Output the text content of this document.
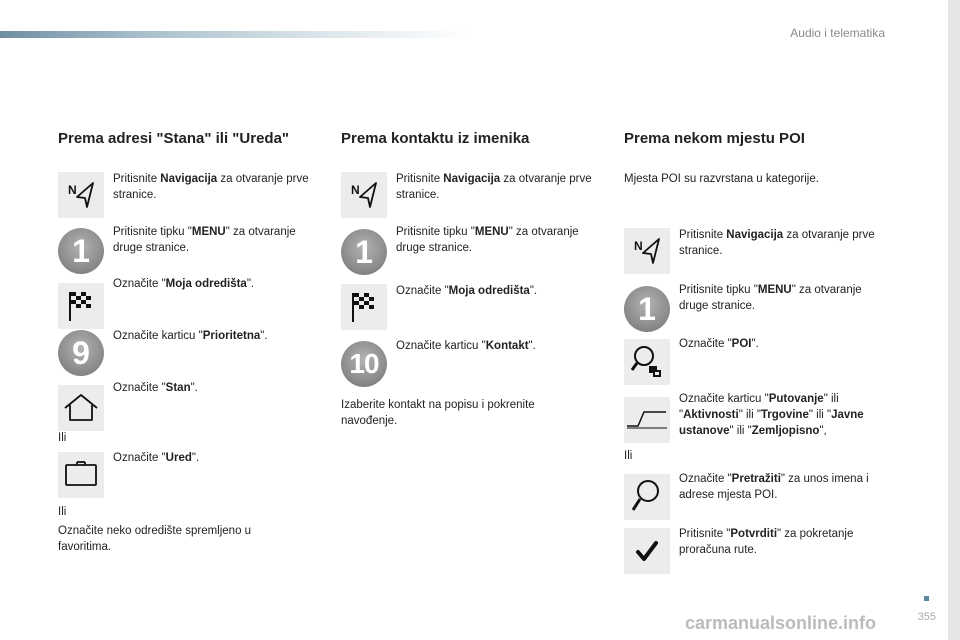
Audio i telematika
Prema adresi "Stana" ili "Ureda"
N
Pritisnite Navigacija za otvaranje prve stranice.
1
Pritisnite tipku "MENU" za otvaranje druge stranice.
Označite "Moja odredišta".
9	Označite karticu "Prioritetna".
Označite "Stan".
Ili
Označite "Ured".
Ili
Označite neko odredište spremljeno u favoritima.
Prema kontaktu iz imenika
N
Pritisnite Navigacija za otvaranje prve stranice.
1
Pritisnite tipku "MENU" za otvaranje druge stranice.
Označite "Moja odredišta".
10
Označite karticu "Kontakt".
Izaberite kontakt na popisu i pokrenite navođenje.
Prema nekom mjestu POI
Mjesta POI su razvrstana u kategorije.
N
Pritisnite Navigacija za otvaranje prve stranice.
1
Pritisnite tipku "MENU" za otvaranje druge stranice.
Označite "POI".
Označite karticu "Putovanje" ili "Aktivnosti" ili "Trgovine" ili "Javne ustanove" ili "Zemljopisno",
Ili
Označite "Pretražiti" za unos imena i adrese mjesta POI.
Pritisnite "Potvrditi" za pokretanje proračuna rute.
355
carmanualsonline.info
